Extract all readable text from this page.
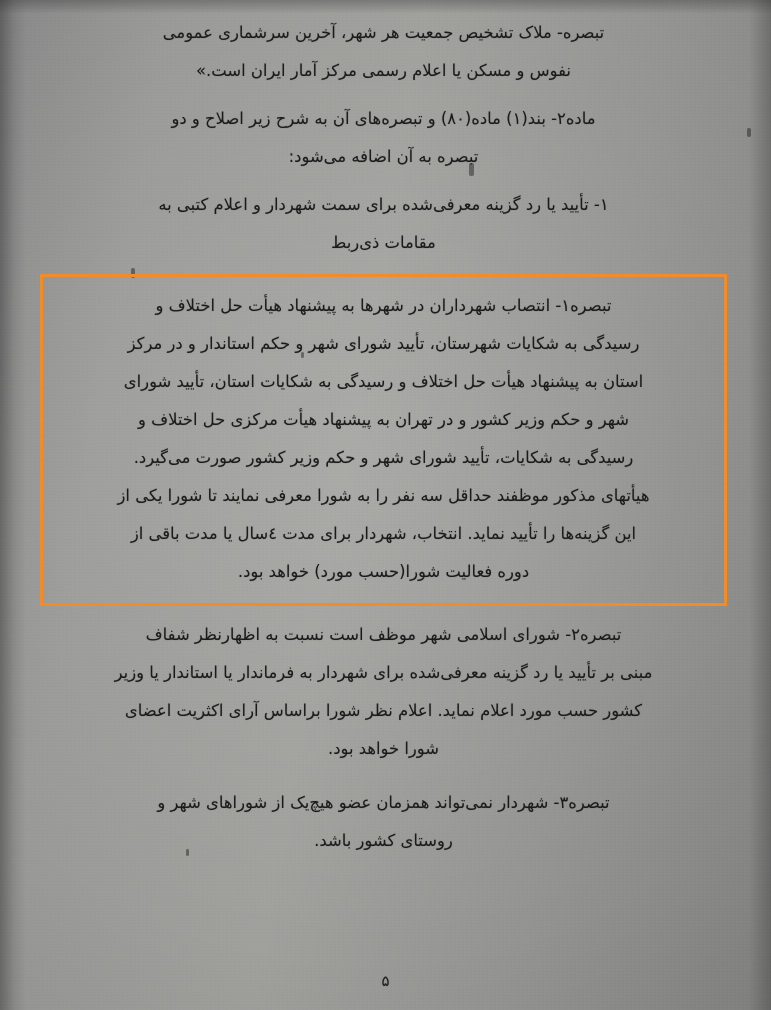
تبصره- ملاک تشخیص جمعیت هر شهر، آخرین سرشماری عمومی
نفوس و مسکن یا اعلام رسمی مرکز آمار ایران است.»
ماده۲- بند(۱) ماده(۸۰) و تبصره‌های آن به شرح زیر اصلاح و دو
تبصره به آن اضافه می‌شود:
۱- تأیید یا رد گزینه معرفی‌شده برای سمت شهردار و اعلام کتبی به
مقامات ذی‌ربط
تبصره۱- انتصاب شهرداران در شهرها به پیشنهاد هیأت حل اختلاف و
رسیدگی به شکایات شهرستان، تأیید شورای شهر و حکم استاندار و در مرکز
استان به پیشنهاد هیأت حل اختلاف و رسیدگی به شکایات استان، تأیید شورای
شهر و حکم وزیر کشور و در تهران به پیشنهاد هیأت مرکزی حل اختلاف و
رسیدگی به شکایات، تأیید شورای شهر و حکم وزیر کشور صورت می‌گیرد.
هیأتهای مذکور موظفند حداقل سه نفر را به شورا معرفی نمایند تا شورا یکی از
این گزینه‌ها را تأیید نماید. انتخاب، شهردار برای مدت ٤سال یا مدت باقی از
دوره فعالیت شورا(حسب مورد) خواهد بود.
تبصره۲- شورای اسلامی شهر موظف است نسبت به اظهارنظر شفاف
مبنی بر تأیید یا رد گزینه معرفی‌شده برای شهردار به فرماندار یا استاندار یا وزیر
کشور حسب مورد اعلام نماید. اعلام نظر شورا براساس آرای اکثریت اعضای
شورا خواهد بود.
تبصره۳- شهردار نمی‌تواند همزمان عضو هیچ‌یک از شوراهای شهر و
روستای کشور باشد.
۵
